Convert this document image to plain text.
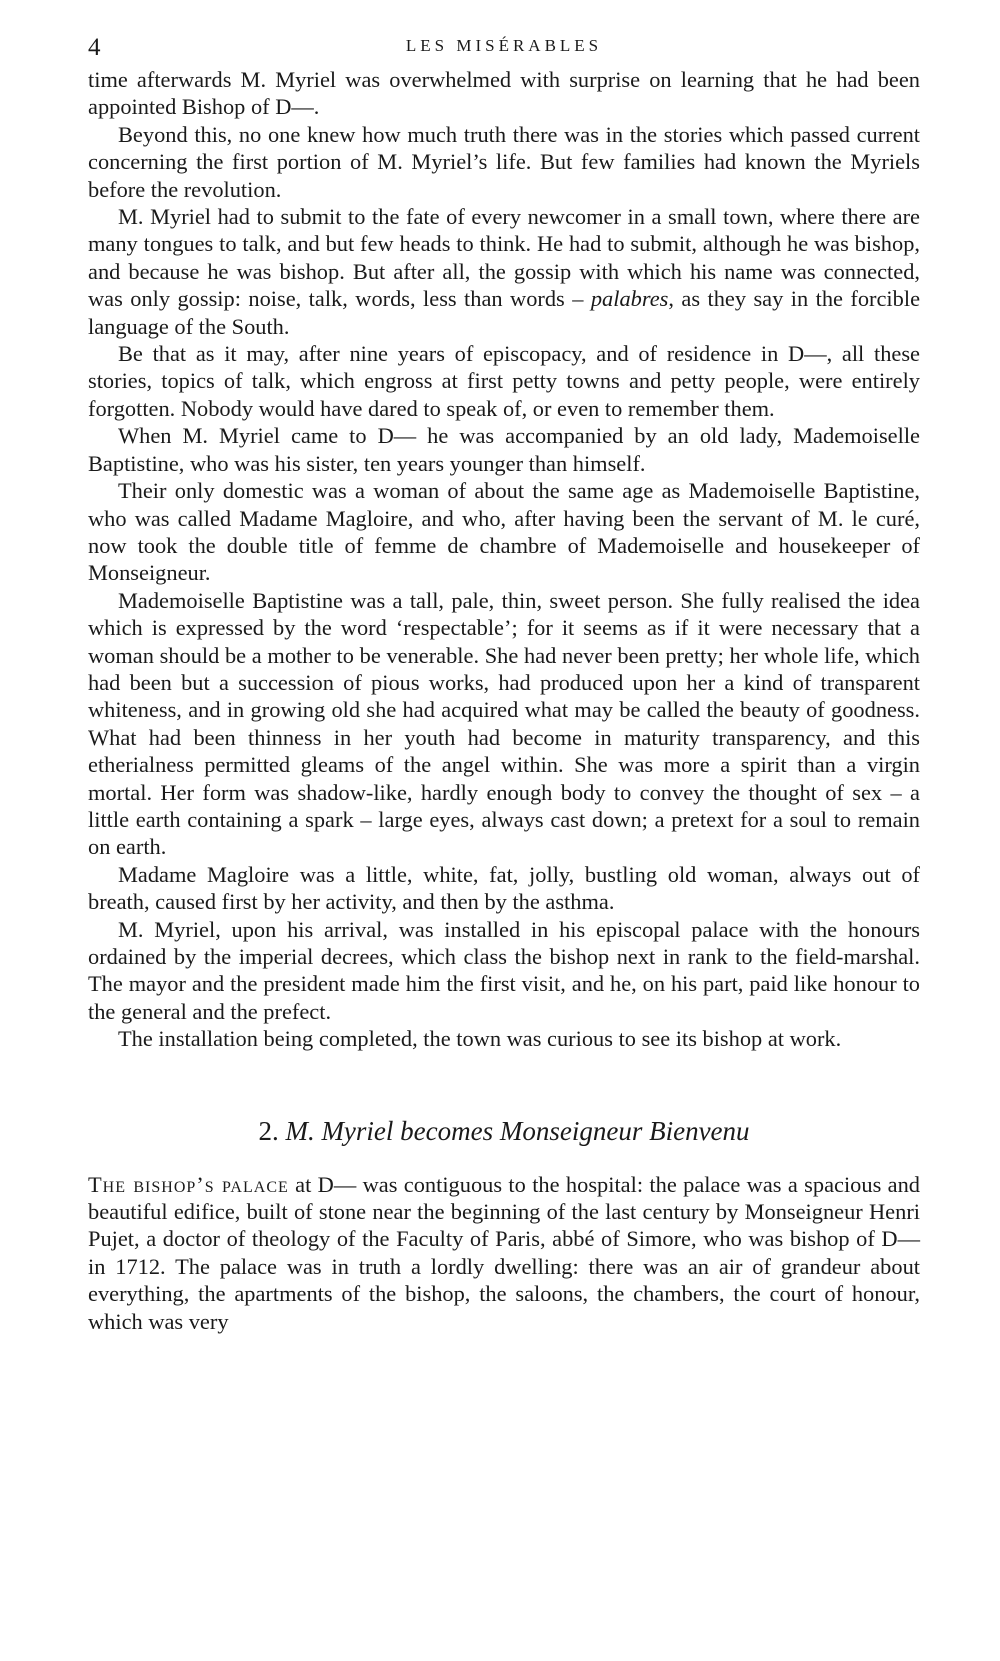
4	LES MISÉRABLES

time afterwards M. Myriel was overwhelmed with surprise on learning that he had been appointed Bishop of D—.

Beyond this, no one knew how much truth there was in the stories which passed current concerning the first portion of M. Myriel’s life. But few families had known the Myriels before the revolution.

M. Myriel had to submit to the fate of every newcomer in a small town, where there are many tongues to talk, and but few heads to think. He had to submit, although he was bishop, and because he was bishop. But after all, the gossip with which his name was connected, was only gossip: noise, talk, words, less than words – palabres, as they say in the forcible language of the South.

Be that as it may, after nine years of episcopacy, and of residence in D—, all these stories, topics of talk, which engross at first petty towns and petty people, were entirely forgotten. Nobody would have dared to speak of, or even to remember them.

When M. Myriel came to D— he was accompanied by an old lady, Mademoiselle Baptistine, who was his sister, ten years younger than himself.

Their only domestic was a woman of about the same age as Mademoiselle Baptistine, who was called Madame Magloire, and who, after having been the servant of M. le curé, now took the double title of femme de chambre of Mademoiselle and housekeeper of Monseigneur.

Mademoiselle Baptistine was a tall, pale, thin, sweet person. She fully realised the idea which is expressed by the word ‘respectable’; for it seems as if it were necessary that a woman should be a mother to be venerable. She had never been pretty; her whole life, which had been but a succession of pious works, had produced upon her a kind of transparent whiteness, and in growing old she had acquired what may be called the beauty of goodness. What had been thinness in her youth had become in maturity transparency, and this etherialness permitted gleams of the angel within. She was more a spirit than a virgin mortal. Her form was shadow-like, hardly enough body to convey the thought of sex – a little earth containing a spark – large eyes, always cast down; a pretext for a soul to remain on earth.

Madame Magloire was a little, white, fat, jolly, bustling old woman, always out of breath, caused first by her activity, and then by the asthma.

M. Myriel, upon his arrival, was installed in his episcopal palace with the honours ordained by the imperial decrees, which class the bishop next in rank to the field-marshal. The mayor and the president made him the first visit, and he, on his part, paid like honour to the general and the prefect.

The installation being completed, the town was curious to see its bishop at work.

2. M. Myriel becomes Monseigneur Bienvenu

The bishop’s palace at D— was contiguous to the hospital: the palace was a spacious and beautiful edifice, built of stone near the beginning of the last century by Monseigneur Henri Pujet, a doctor of theology of the Faculty of Paris, abbé of Simore, who was bishop of D— in 1712. The palace was in truth a lordly dwelling: there was an air of grandeur about everything, the apartments of the bishop, the saloons, the chambers, the court of honour, which was very
